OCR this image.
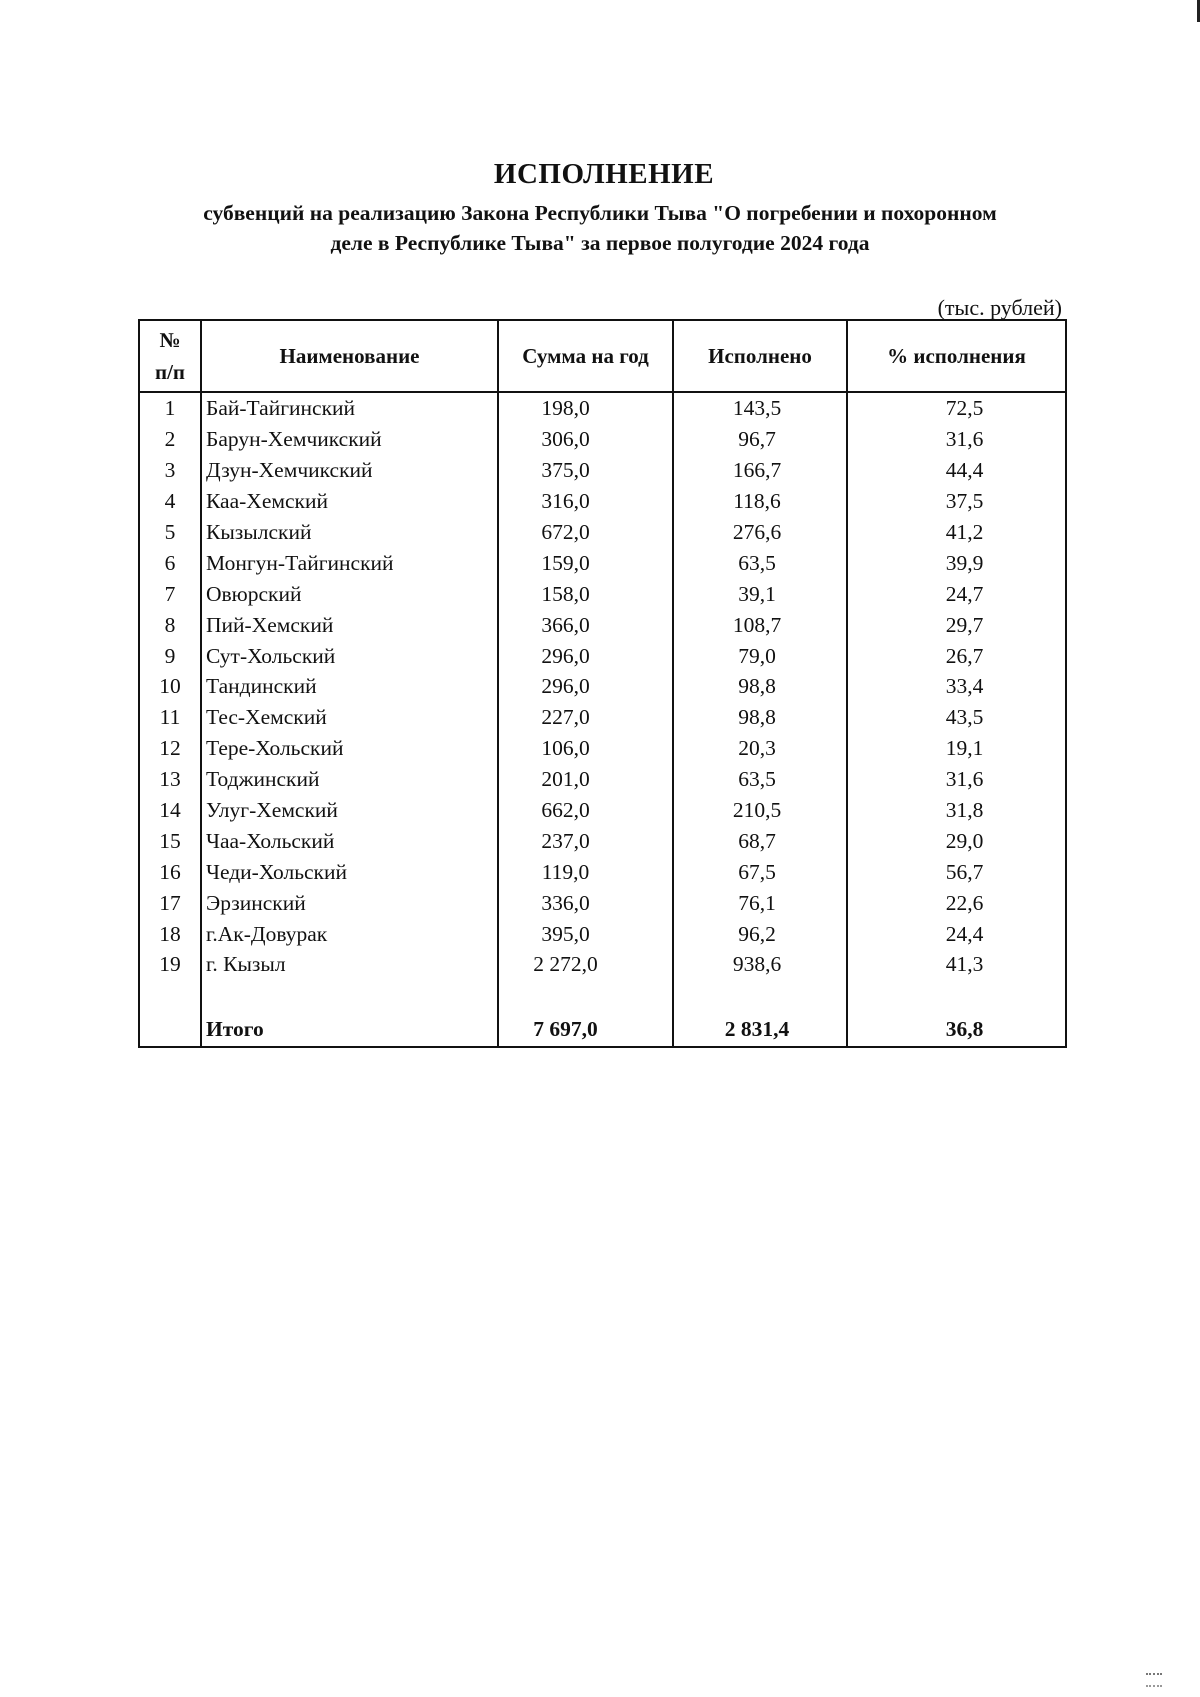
ИСПОЛНЕНИЕ
субвенций на реализацию Закона Республики Тыва "О погребении и похоронном
деле в Республике Тыва" за первое полугодие 2024 года
(тыс. рублей)
№
п/п	Наименование	Сумма на год	Исполнено	% исполнения
1	Бай-Тайгинский	198,0	143,5	72,5
2	Барун-Хемчикский	306,0	96,7	31,6
3	Дзун-Хемчикский	375,0	166,7	44,4
4	Каа-Хемский	316,0	118,6	37,5
5	Кызылский	672,0	276,6	41,2
6	Монгун-Тайгинский	159,0	63,5	39,9
7	Овюрский	158,0	39,1	24,7
8	Пий-Хемский	366,0	108,7	29,7
9	Сут-Хольский	296,0	79,0	26,7
10	Тандинский	296,0	98,8	33,4
11	Тес-Хемский	227,0	98,8	43,5
12	Тере-Хольский	106,0	20,3	19,1
13	Тоджинский	201,0	63,5	31,6
14	Улуг-Хемский	662,0	210,5	31,8
15	Чаа-Хольский	237,0	68,7	29,0
16	Чеди-Хольский	119,0	67,5	56,7
17	Эрзинский	336,0	76,1	22,6
18	г.Ак-Довурак	395,0	96,2	24,4
19	г. Кызыл	2 272,0	938,6	41,3

	Итого	7 697,0	2 831,4	36,8
